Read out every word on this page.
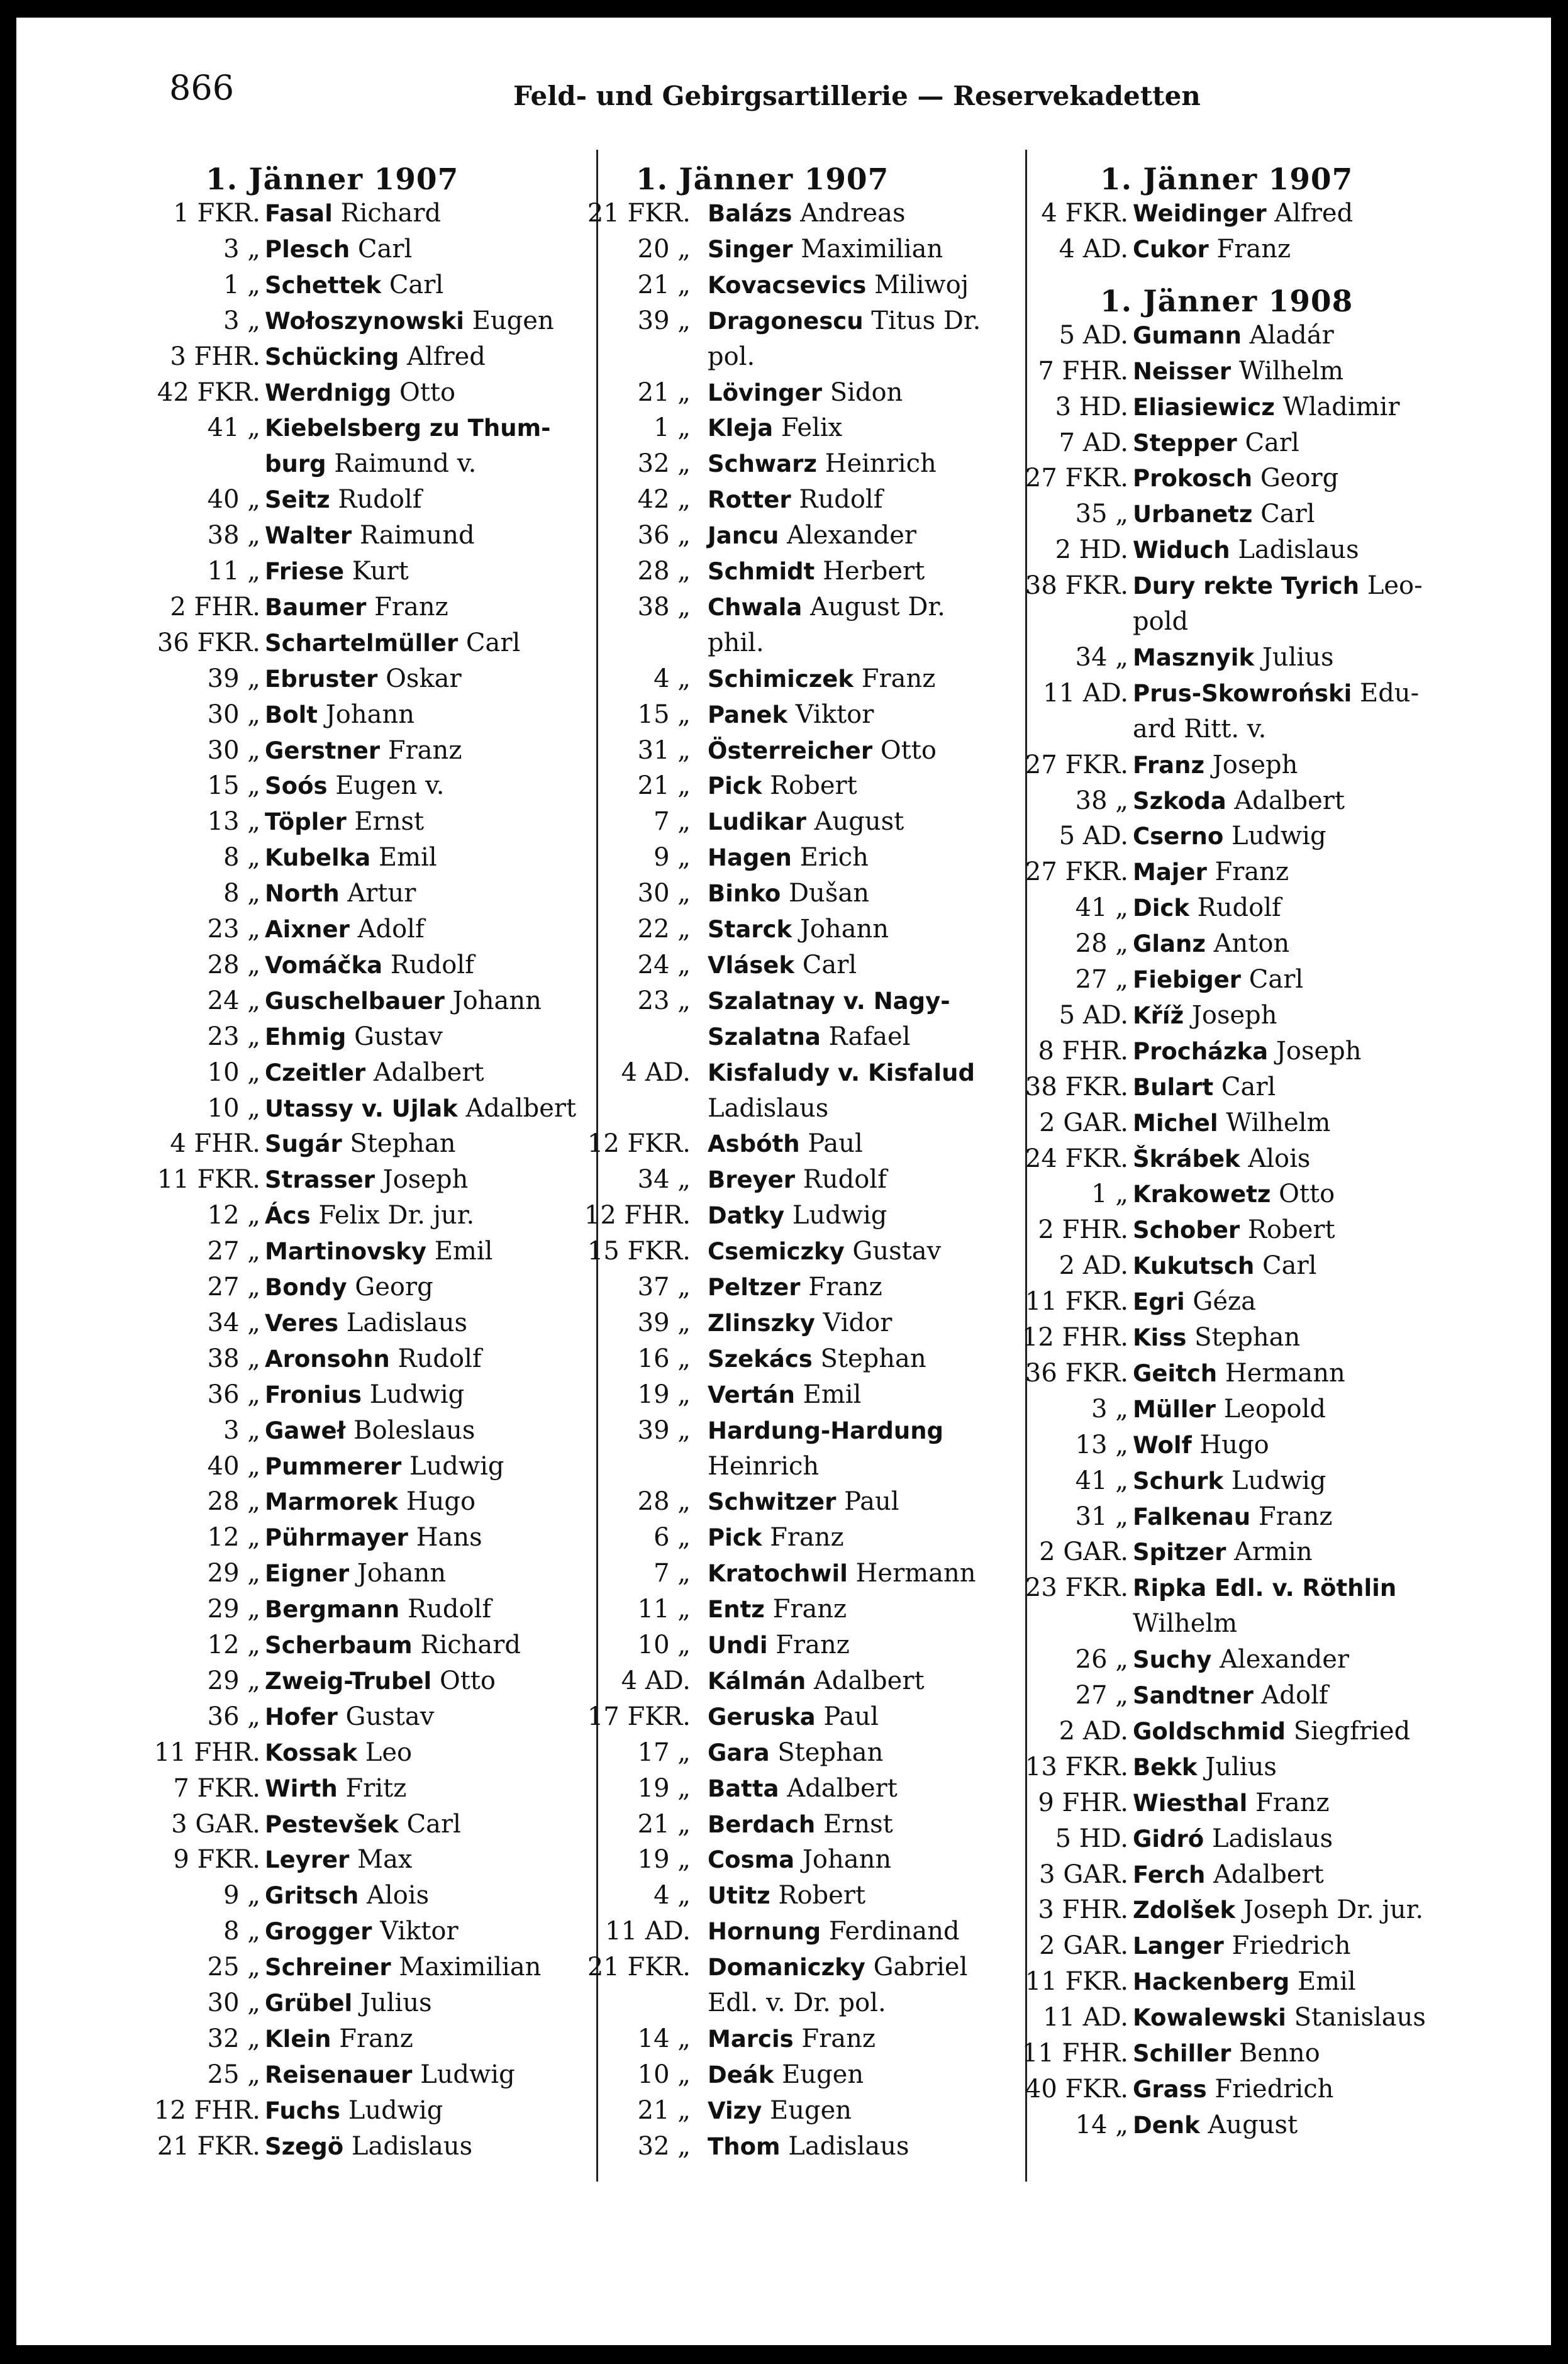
866	Feld- und Gebirgsartillerie — Reservekadetten
1. Jänner 1907
1 FKR. Fasal Richard
3 „ Plesch Carl
1 „ Schettek Carl
3 „ Wołoszynowski Eugen
3 FHR. Schücking Alfred
42 FKR. Werdnigg Otto
41 „ Kiebelsberg zu Thum-
burg Raimund v.
40 „ Seitz Rudolf
38 „ Walter Raimund
11 „ Friese Kurt
2 FHR. Baumer Franz
36 FKR. Schartelmüller Carl
39 „ Ebruster Oskar
30 „ Bolt Johann
30 „ Gerstner Franz
15 „ Soós Eugen v.
13 „ Töpler Ernst
8 „ Kubelka Emil
8 „ North Artur
23 „ Aixner Adolf
28 „ Vomáčka Rudolf
24 „ Guschelbauer Johann
23 „ Ehmig Gustav
10 „ Czeitler Adalbert
10 „ Utassy v. Ujlak Adalbert
4 FHR. Sugár Stephan
11 FKR. Strasser Joseph
12 „ Ács Felix Dr. jur.
27 „ Martinovsky Emil
27 „ Bondy Georg
34 „ Veres Ladislaus
38 „ Aronsohn Rudolf
36 „ Fronius Ludwig
3 „ Gaweł Boleslaus
40 „ Pummerer Ludwig
28 „ Marmorek Hugo
12 „ Pührmayer Hans
29 „ Eigner Johann
29 „ Bergmann Rudolf
12 „ Scherbaum Richard
29 „ Zweig-Trubel Otto
36 „ Hofer Gustav
11 FHR. Kossak Leo
7 FKR. Wirth Fritz
3 GAR. Pestevšek Carl
9 FKR. Leyrer Max
9 „ Gritsch Alois
8 „ Grogger Viktor
25 „ Schreiner Maximilian
30 „ Grübel Julius
32 „ Klein Franz
25 „ Reisenauer Ludwig
12 FHR. Fuchs Ludwig
21 FKR. Szegö Ladislaus
1. Jänner 1907
21 FKR. Balázs Andreas
20 „ Singer Maximilian
21 „ Kovacsevics Miliwoj
39 „ Dragonescu Titus Dr.
pol.
21 „ Lövinger Sidon
1 „ Kleja Felix
32 „ Schwarz Heinrich
42 „ Rotter Rudolf
36 „ Jancu Alexander
28 „ Schmidt Herbert
38 „ Chwala August Dr.
phil.
4 „ Schimiczek Franz
15 „ Panek Viktor
31 „ Österreicher Otto
21 „ Pick Robert
7 „ Ludikar August
9 „ Hagen Erich
30 „ Binko Dušan
22 „ Starck Johann
24 „ Vlásek Carl
23 „ Szalatnay v. Nagy-
Szalatna Rafael
4 AD. Kisfaludy v. Kisfalud
Ladislaus
12 FKR. Asbóth Paul
34 „ Breyer Rudolf
12 FHR. Datky Ludwig
15 FKR. Csemiczky Gustav
37 „ Peltzer Franz
39 „ Zlinszky Vidor
16 „ Szekács Stephan
19 „ Vertán Emil
39 „ Hardung-Hardung
Heinrich
28 „ Schwitzer Paul
6 „ Pick Franz
7 „ Kratochwil Hermann
11 „ Entz Franz
10 „ Undi Franz
4 AD. Kálmán Adalbert
17 FKR. Geruska Paul
17 „ Gara Stephan
19 „ Batta Adalbert
21 „ Berdach Ernst
19 „ Cosma Johann
4 „ Utitz Robert
11 AD. Hornung Ferdinand
21 FKR. Domaniczky Gabriel
Edl. v. Dr. pol.
14 „ Marcis Franz
10 „ Deák Eugen
21 „ Vizy Eugen
32 „ Thom Ladislaus
1. Jänner 1907
4 FKR. Weidinger Alfred
4 AD. Cukor Franz
1. Jänner 1908
5 AD. Gumann Aladár
7 FHR. Neisser Wilhelm
3 HD. Eliasiewicz Wladimir
7 AD. Stepper Carl
27 FKR. Prokosch Georg
35 „ Urbanetz Carl
2 HD. Widuch Ladislaus
38 FKR. Dury rekte Tyrich Leo-
pold
34 „ Masznyik Julius
11 AD. Prus-Skowroński Edu-
ard Ritt. v.
27 FKR. Franz Joseph
38 „ Szkoda Adalbert
5 AD. Cserno Ludwig
27 FKR. Majer Franz
41 „ Dick Rudolf
28 „ Glanz Anton
27 „ Fiebiger Carl
5 AD. Kříž Joseph
8 FHR. Procházka Joseph
38 FKR. Bulart Carl
2 GAR. Michel Wilhelm
24 FKR. Škrábek Alois
1 „ Krakowetz Otto
2 FHR. Schober Robert
2 AD. Kukutsch Carl
11 FKR. Egri Géza
12 FHR. Kiss Stephan
36 FKR. Geitch Hermann
3 „ Müller Leopold
13 „ Wolf Hugo
41 „ Schurk Ludwig
31 „ Falkenau Franz
2 GAR. Spitzer Armin
23 FKR. Ripka Edl. v. Röthlin
Wilhelm
26 „ Suchy Alexander
27 „ Sandtner Adolf
2 AD. Goldschmid Siegfried
13 FKR. Bekk Julius
9 FHR. Wiesthal Franz
5 HD. Gidró Ladislaus
3 GAR. Ferch Adalbert
3 FHR. Zdolšek Joseph Dr. jur.
2 GAR. Langer Friedrich
11 FKR. Hackenberg Emil
11 AD. Kowalewski Stanislaus
11 FHR. Schiller Benno
40 FKR. Grass Friedrich
14 „ Denk August
